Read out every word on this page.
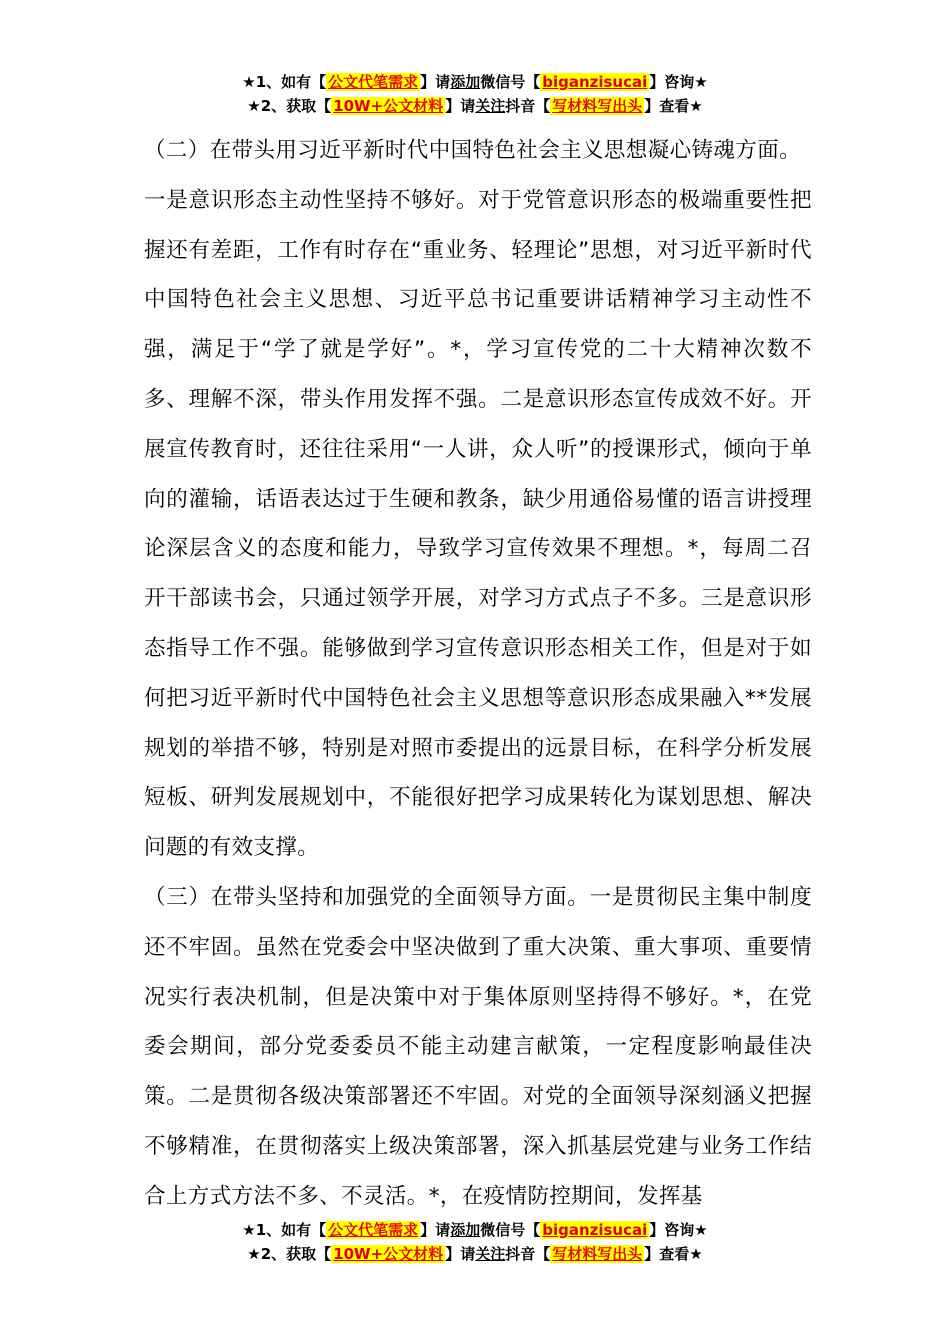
★1、如有【 公文代笔需求 】请添加微信号【 biganzisucai 】咨询★
★2、获取【 10W+公文材料 】请关注抖音【 写材料写出头 】查看★

（二）在带头用习近平新时代中国特色社会主义思想凝心铸魂方面。

一是意识形态主动性坚持不够好。对于党管意识形态的极端重要性把握还有差距，工作有时存在“重业务、轻理论”思想，对习近平新时代中国特色社会主义思想、习近平总书记重要讲话精神学习主动性不强，满足于“学了就是学好”。*，学习宣传党的二十大精神次数不多、理解不深，带头作用发挥不强。二是意识形态宣传成效不好。开展宣传教育时，还往往采用“一人讲，众人听”的授课形式，倾向于单向的灌输，话语表达过于生硬和教条，缺少用通俗易懂的语言讲授理论深层含义的态度和能力，导致学习宣传效果不理想。*，每周二召开干部读书会，只通过领学开展，对学习方式点子不多。三是意识形态指导工作不强。能够做到学习宣传意识形态相关工作，但是对于如何把习近平新时代中国特色社会主义思想等意识形态成果融入**发展规划的举措不够，特别是对照市委提出的远景目标，在科学分析发展短板、研判发展规划中，不能很好把学习成果转化为谋划思想、解决问题的有效支撑。

（三）在带头坚持和加强党的全面领导方面。一是贯彻民主集中制度还不牢固。虽然在党委会中坚决做到了重大决策、重大事项、重要情况实行表决机制，但是决策中对于集体原则坚持得不够好。*，在党委会期间，部分党委委员不能主动建言献策，一定程度影响最佳决策。二是贯彻各级决策部署还不牢固。对党的全面领导深刻涵义把握不够精准，在贯彻落实上级决策部署，深入抓基层党建与业务工作结合上方式方法不多、不灵活。*，在疫情防控期间，发挥基

★1、如有【 公文代笔需求 】请添加微信号【 biganzisucai 】咨询★
★2、获取【 10W+公文材料 】请关注抖音【 写材料写出头 】查看★
